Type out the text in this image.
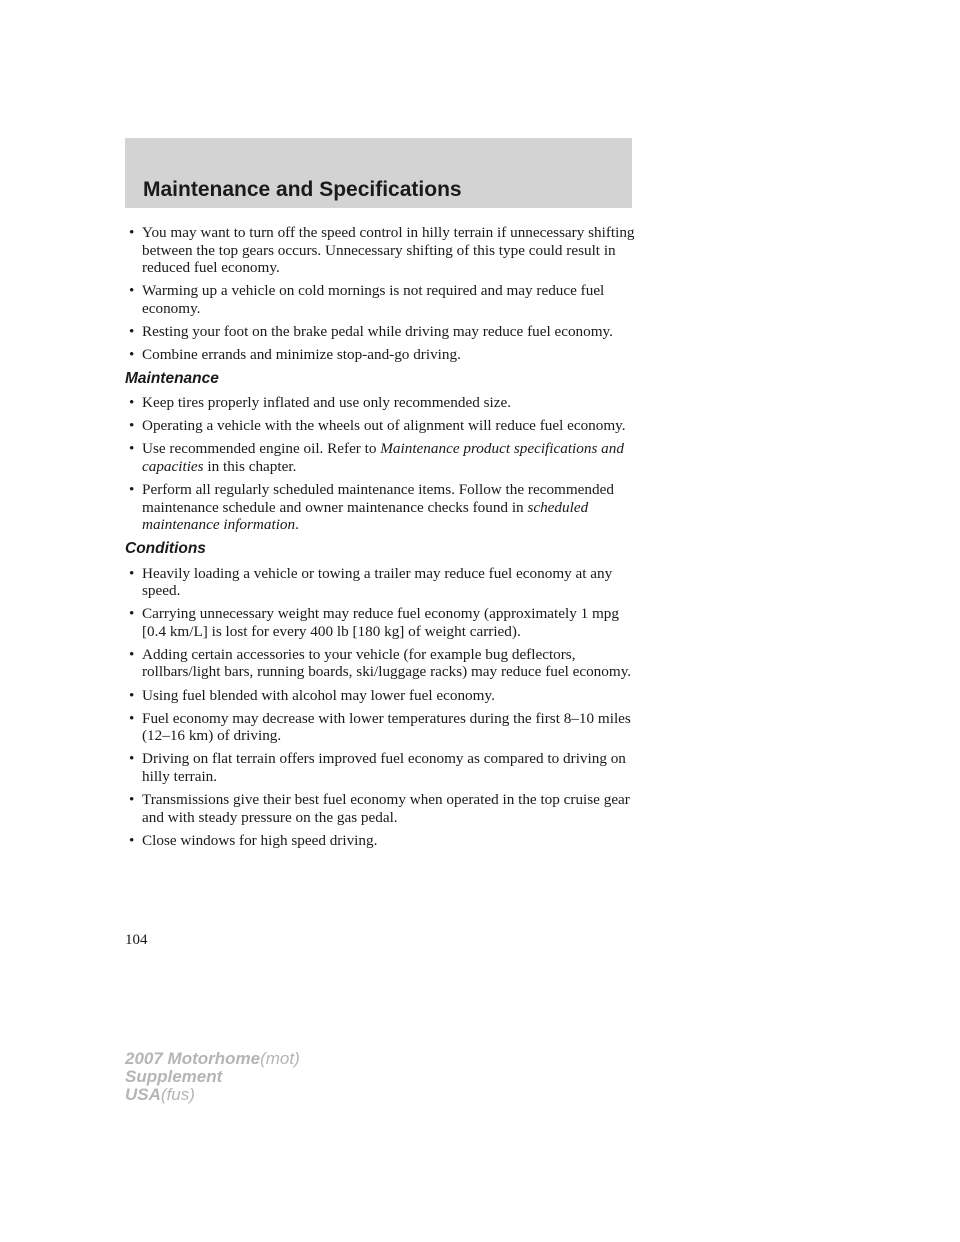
Maintenance and Specifications
• You may want to turn off the speed control in hilly terrain if unnecessary shifting between the top gears occurs. Unnecessary shifting of this type could result in reduced fuel economy.
• Warming up a vehicle on cold mornings is not required and may reduce fuel economy.
• Resting your foot on the brake pedal while driving may reduce fuel economy.
• Combine errands and minimize stop-and-go driving.
Maintenance
• Keep tires properly inflated and use only recommended size.
• Operating a vehicle with the wheels out of alignment will reduce fuel economy.
• Use recommended engine oil. Refer to Maintenance product specifications and capacities in this chapter.
• Perform all regularly scheduled maintenance items. Follow the recommended maintenance schedule and owner maintenance checks found in scheduled maintenance information.
Conditions
• Heavily loading a vehicle or towing a trailer may reduce fuel economy at any speed.
• Carrying unnecessary weight may reduce fuel economy (approximately 1 mpg [0.4 km/L] is lost for every 400 lb [180 kg] of weight carried).
• Adding certain accessories to your vehicle (for example bug deflectors, rollbars/light bars, running boards, ski/luggage racks) may reduce fuel economy.
• Using fuel blended with alcohol may lower fuel economy.
• Fuel economy may decrease with lower temperatures during the first 8–10 miles (12–16 km) of driving.
• Driving on flat terrain offers improved fuel economy as compared to driving on hilly terrain.
• Transmissions give their best fuel economy when operated in the top cruise gear and with steady pressure on the gas pedal.
• Close windows for high speed driving.
104
2007 Motorhome(mot)
Supplement
USA(fus)
